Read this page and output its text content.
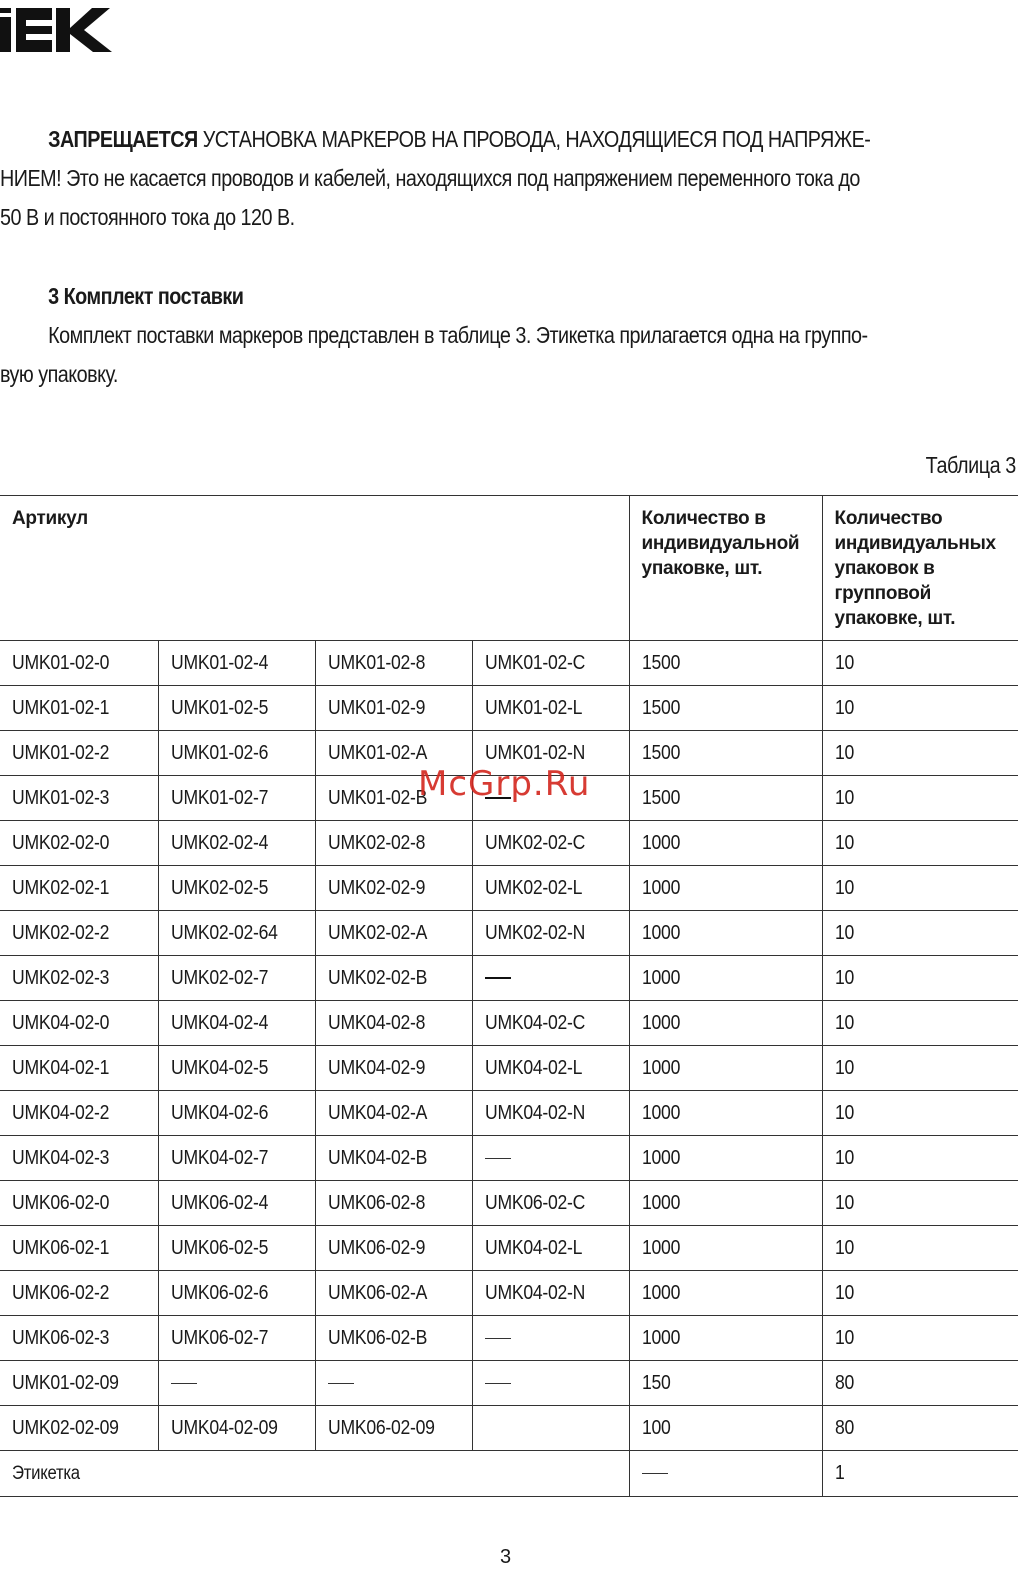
ЗАПРЕЩАЕТСЯ УСТАНОВКА МАРКЕРОВ НА ПРОВОДА, НАХОДЯЩИЕСЯ ПОД НАПРЯЖЕ-
НИЕМ! Это не касается проводов и кабелей, находящихся под напряжением переменного тока до
50 В и постоянного тока до 120 В.
3 Комплект поставки
Комплект поставки маркеров представлен в таблице 3. Этикетка прилагается одна на группо-
вую упаковку.
Таблица 3
Артикул				Количество в индивидуальной упаковке, шт.	Количество индивидуальных упаковок в групповой упаковке, шт.
UMK01-02-0	UMK01-02-4	UMK01-02-8	UMK01-02-C	1500	10
UMK01-02-1	UMK01-02-5	UMK01-02-9	UMK01-02-L	1500	10
UMK01-02-2	UMK01-02-6	UMK01-02-A	UMK01-02-N	1500	10
UMK01-02-3	UMK01-02-7	UMK01-02-B		1500	10
UMK02-02-0	UMK02-02-4	UMK02-02-8	UMK02-02-C	1000	10
UMK02-02-1	UMK02-02-5	UMK02-02-9	UMK02-02-L	1000	10
UMK02-02-2	UMK02-02-64	UMK02-02-A	UMK02-02-N	1000	10
UMK02-02-3	UMK02-02-7	UMK02-02-B		1000	10
UMK04-02-0	UMK04-02-4	UMK04-02-8	UMK04-02-C	1000	10
UMK04-02-1	UMK04-02-5	UMK04-02-9	UMK04-02-L	1000	10
UMK04-02-2	UMK04-02-6	UMK04-02-A	UMK04-02-N	1000	10
UMK04-02-3	UMK04-02-7	UMK04-02-B		1000	10
UMK06-02-0	UMK06-02-4	UMK06-02-8	UMK06-02-C	1000	10
UMK06-02-1	UMK06-02-5	UMK06-02-9	UMK04-02-L	1000	10
UMK06-02-2	UMK06-02-6	UMK06-02-A	UMK04-02-N	1000	10
UMK06-02-3	UMK06-02-7	UMK06-02-B		1000	10
UMK01-02-09				150	80
UMK02-02-09	UMK04-02-09	UMK06-02-09		100	80
Этикетка					1
McGrp.Ru
3
